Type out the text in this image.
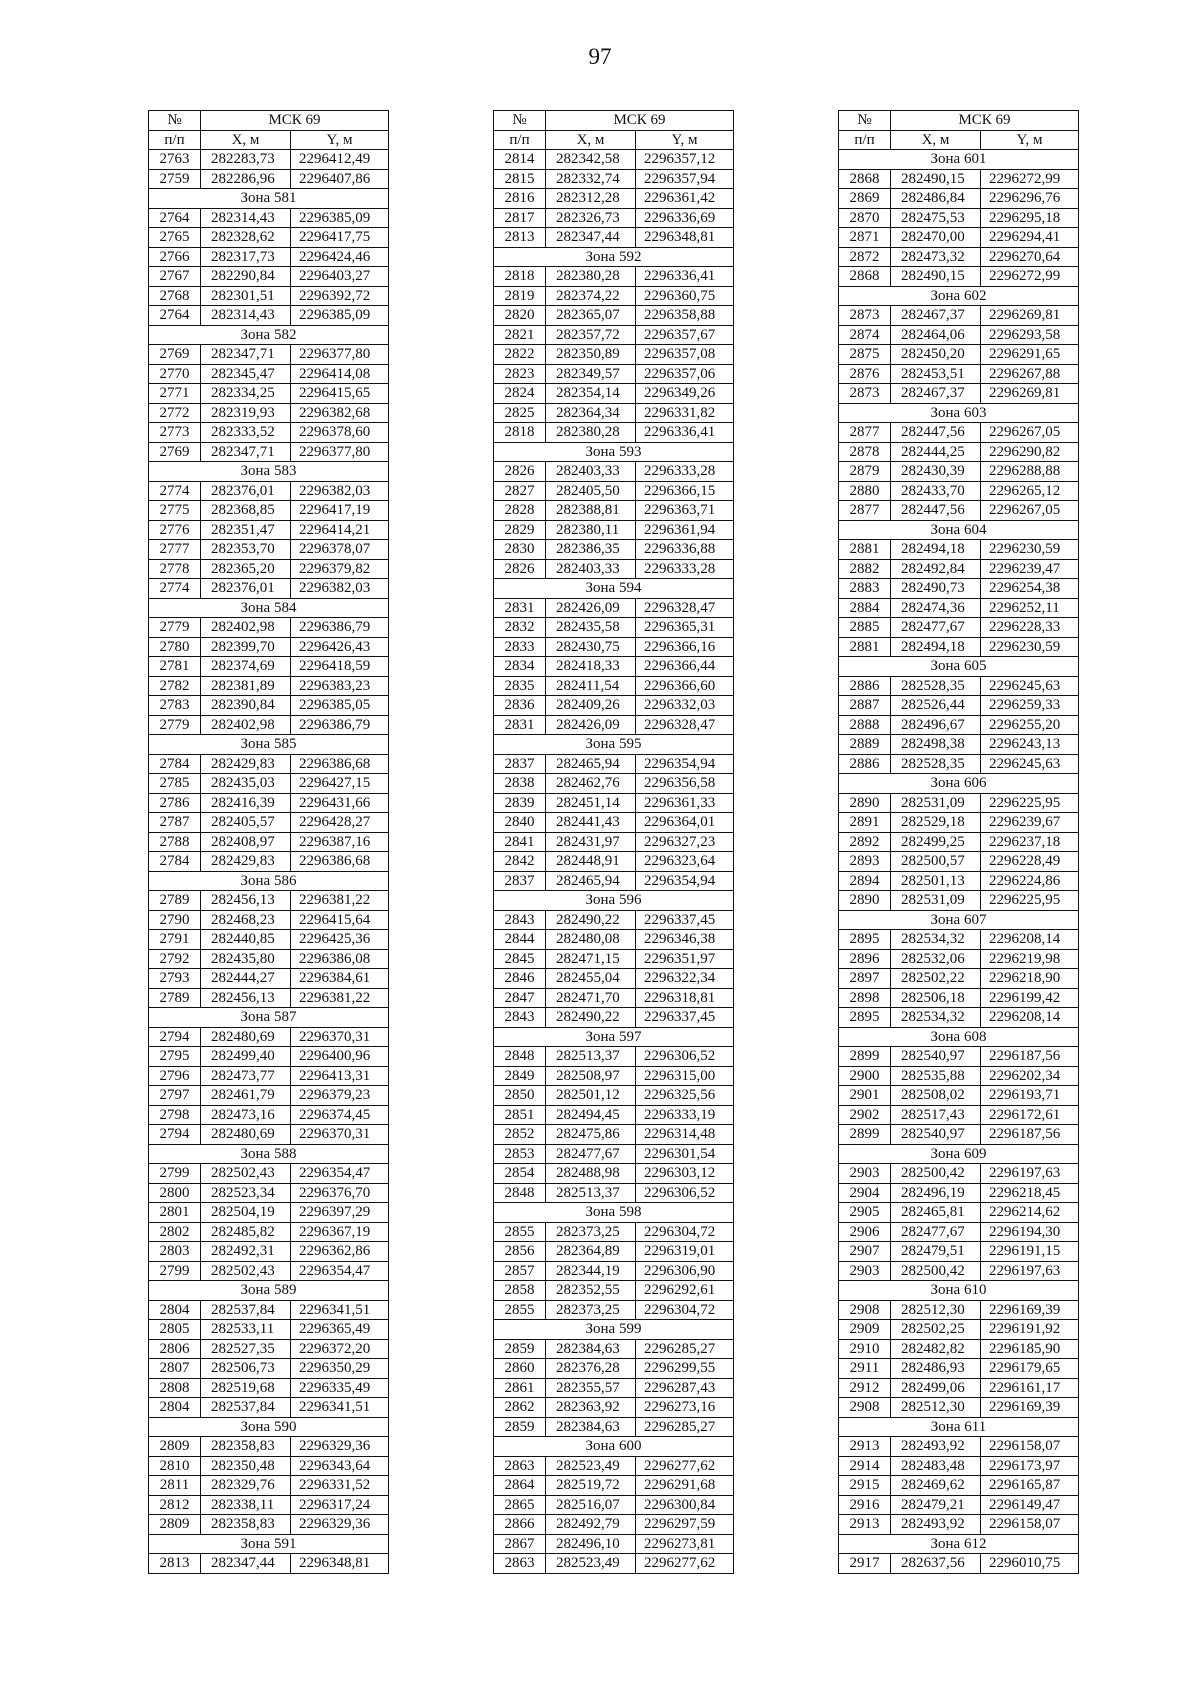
97
№	МСК 69	
п/п	X, м	Y, м
2763	282283,73	2296412,49
2759	282286,96	2296407,86
Зона 581		
2764	282314,43	2296385,09
2765	282328,62	2296417,75
2766	282317,73	2296424,46
2767	282290,84	2296403,27
2768	282301,51	2296392,72
2764	282314,43	2296385,09
Зона 582		
2769	282347,71	2296377,80
2770	282345,47	2296414,08
2771	282334,25	2296415,65
2772	282319,93	2296382,68
2773	282333,52	2296378,60
2769	282347,71	2296377,80
Зона 583		
2774	282376,01	2296382,03
2775	282368,85	2296417,19
2776	282351,47	2296414,21
2777	282353,70	2296378,07
2778	282365,20	2296379,82
2774	282376,01	2296382,03
Зона 584		
2779	282402,98	2296386,79
2780	282399,70	2296426,43
2781	282374,69	2296418,59
2782	282381,89	2296383,23
2783	282390,84	2296385,05
2779	282402,98	2296386,79
Зона 585		
2784	282429,83	2296386,68
2785	282435,03	2296427,15
2786	282416,39	2296431,66
2787	282405,57	2296428,27
2788	282408,97	2296387,16
2784	282429,83	2296386,68
Зона 586		
2789	282456,13	2296381,22
2790	282468,23	2296415,64
2791	282440,85	2296425,36
2792	282435,80	2296386,08
2793	282444,27	2296384,61
2789	282456,13	2296381,22
Зона 587		
2794	282480,69	2296370,31
2795	282499,40	2296400,96
2796	282473,77	2296413,31
2797	282461,79	2296379,23
2798	282473,16	2296374,45
2794	282480,69	2296370,31
Зона 588		
2799	282502,43	2296354,47
2800	282523,34	2296376,70
2801	282504,19	2296397,29
2802	282485,82	2296367,19
2803	282492,31	2296362,86
2799	282502,43	2296354,47
Зона 589		
2804	282537,84	2296341,51
2805	282533,11	2296365,49
2806	282527,35	2296372,20
2807	282506,73	2296350,29
2808	282519,68	2296335,49
2804	282537,84	2296341,51
Зона 590		
2809	282358,83	2296329,36
2810	282350,48	2296343,64
2811	282329,76	2296331,52
2812	282338,11	2296317,24
2809	282358,83	2296329,36
Зона 591		
2813	282347,44	2296348,81
№	МСК 69	
п/п	X, м	Y, м
2814	282342,58	2296357,12
2815	282332,74	2296357,94
2816	282312,28	2296361,42
2817	282326,73	2296336,69
2813	282347,44	2296348,81
Зона 592		
2818	282380,28	2296336,41
2819	282374,22	2296360,75
2820	282365,07	2296358,88
2821	282357,72	2296357,67
2822	282350,89	2296357,08
2823	282349,57	2296357,06
2824	282354,14	2296349,26
2825	282364,34	2296331,82
2818	282380,28	2296336,41
Зона 593		
2826	282403,33	2296333,28
2827	282405,50	2296366,15
2828	282388,81	2296363,71
2829	282380,11	2296361,94
2830	282386,35	2296336,88
2826	282403,33	2296333,28
Зона 594		
2831	282426,09	2296328,47
2832	282435,58	2296365,31
2833	282430,75	2296366,16
2834	282418,33	2296366,44
2835	282411,54	2296366,60
2836	282409,26	2296332,03
2831	282426,09	2296328,47
Зона 595		
2837	282465,94	2296354,94
2838	282462,76	2296356,58
2839	282451,14	2296361,33
2840	282441,43	2296364,01
2841	282431,97	2296327,23
2842	282448,91	2296323,64
2837	282465,94	2296354,94
Зона 596		
2843	282490,22	2296337,45
2844	282480,08	2296346,38
2845	282471,15	2296351,97
2846	282455,04	2296322,34
2847	282471,70	2296318,81
2843	282490,22	2296337,45
Зона 597		
2848	282513,37	2296306,52
2849	282508,97	2296315,00
2850	282501,12	2296325,56
2851	282494,45	2296333,19
2852	282475,86	2296314,48
2853	282477,67	2296301,54
2854	282488,98	2296303,12
2848	282513,37	2296306,52
Зона 598		
2855	282373,25	2296304,72
2856	282364,89	2296319,01
2857	282344,19	2296306,90
2858	282352,55	2296292,61
2855	282373,25	2296304,72
Зона 599		
2859	282384,63	2296285,27
2860	282376,28	2296299,55
2861	282355,57	2296287,43
2862	282363,92	2296273,16
2859	282384,63	2296285,27
Зона 600		
2863	282523,49	2296277,62
2864	282519,72	2296291,68
2865	282516,07	2296300,84
2866	282492,79	2296297,59
2867	282496,10	2296273,81
2863	282523,49	2296277,62
№	МСК 69	
п/п	X, м	Y, м
Зона 601		
2868	282490,15	2296272,99
2869	282486,84	2296296,76
2870	282475,53	2296295,18
2871	282470,00	2296294,41
2872	282473,32	2296270,64
2868	282490,15	2296272,99
Зона 602		
2873	282467,37	2296269,81
2874	282464,06	2296293,58
2875	282450,20	2296291,65
2876	282453,51	2296267,88
2873	282467,37	2296269,81
Зона 603		
2877	282447,56	2296267,05
2878	282444,25	2296290,82
2879	282430,39	2296288,88
2880	282433,70	2296265,12
2877	282447,56	2296267,05
Зона 604		
2881	282494,18	2296230,59
2882	282492,84	2296239,47
2883	282490,73	2296254,38
2884	282474,36	2296252,11
2885	282477,67	2296228,33
2881	282494,18	2296230,59
Зона 605		
2886	282528,35	2296245,63
2887	282526,44	2296259,33
2888	282496,67	2296255,20
2889	282498,38	2296243,13
2886	282528,35	2296245,63
Зона 606		
2890	282531,09	2296225,95
2891	282529,18	2296239,67
2892	282499,25	2296237,18
2893	282500,57	2296228,49
2894	282501,13	2296224,86
2890	282531,09	2296225,95
Зона 607		
2895	282534,32	2296208,14
2896	282532,06	2296219,98
2897	282502,22	2296218,90
2898	282506,18	2296199,42
2895	282534,32	2296208,14
Зона 608		
2899	282540,97	2296187,56
2900	282535,88	2296202,34
2901	282508,02	2296193,71
2902	282517,43	2296172,61
2899	282540,97	2296187,56
Зона 609		
2903	282500,42	2296197,63
2904	282496,19	2296218,45
2905	282465,81	2296214,62
2906	282477,67	2296194,30
2907	282479,51	2296191,15
2903	282500,42	2296197,63
Зона 610		
2908	282512,30	2296169,39
2909	282502,25	2296191,92
2910	282482,82	2296185,90
2911	282486,93	2296179,65
2912	282499,06	2296161,17
2908	282512,30	2296169,39
Зона 611		
2913	282493,92	2296158,07
2914	282483,48	2296173,97
2915	282469,62	2296165,87
2916	282479,21	2296149,47
2913	282493,92	2296158,07
Зона 612		
2917	282637,56	2296010,75
